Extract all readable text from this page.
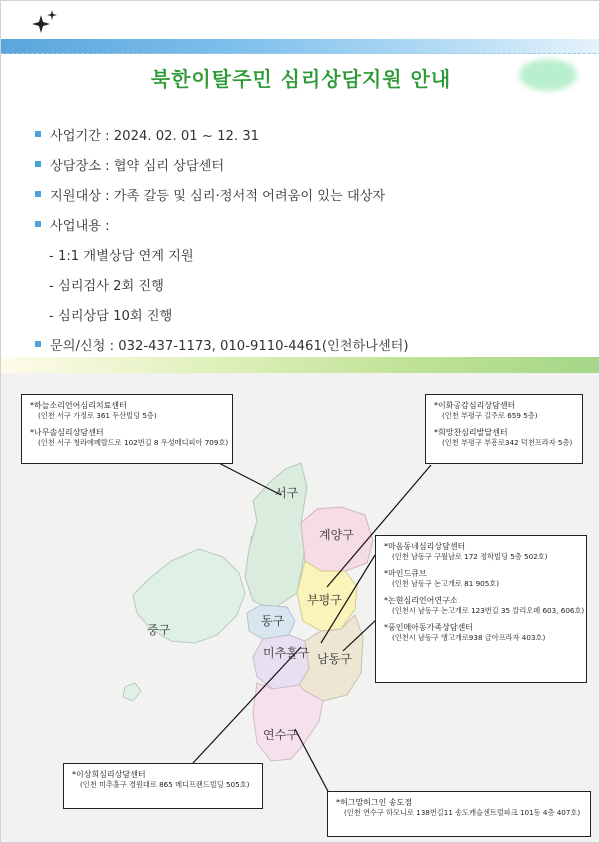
북한이탈주민 심리상담지원 안내
사업기간 : 2024. 02. 01 ~ 12. 31
상담장소 : 협약 심리 상담센터
지원대상 : 가족 갈등 및 심리·정서적 어려움이 있는 대상자
사업내용 :
- 1:1 개별상담 연계 지원
- 심리검사 2회 진행
- 심리상담 10회 진행
문의/신청 : 032-437-1173, 010-9110-4461(인천하나센터)
서구
계양구
부평구
동구
미추홀구 남동구
중구
연수구
*하늘소리언어심리치료센터
(인천 서구 가정로 361 두산빌딩 5층)
*나무솔심리상담센터
(인천 서구 청라에메랄드로 102번길 8 우성메디피아 709호)
*이화공감심리상담센터
(인천 부평구 길주로 659 5층)
*희망찬심리발달센터
(인천 부평구 부흥로342 덕천프라자 5층)
*마음동네심리상담센터
(인천 남동구 구월남로 172 정학빌딩 5층 502호)
*마인드큐브
(인천 남동구 논고개로 81 905호)
*논현심리언어연구소
(인천시 남동구 논고개로 123번길 35 칼리오페 603, 606호)
*풍인메아동가족상담센터
(인천시 남동구 앵고개로938 금아프라자 403호)
*이상희심리상담센터
(인천 미추홀구 경원대로 865 메디프랜드빌딩 505호)
*허그맘허그인 송도점
(인천 연수구 하모니로 138번길11 송도캐슬센트럴파크 101동 4층 407호)
